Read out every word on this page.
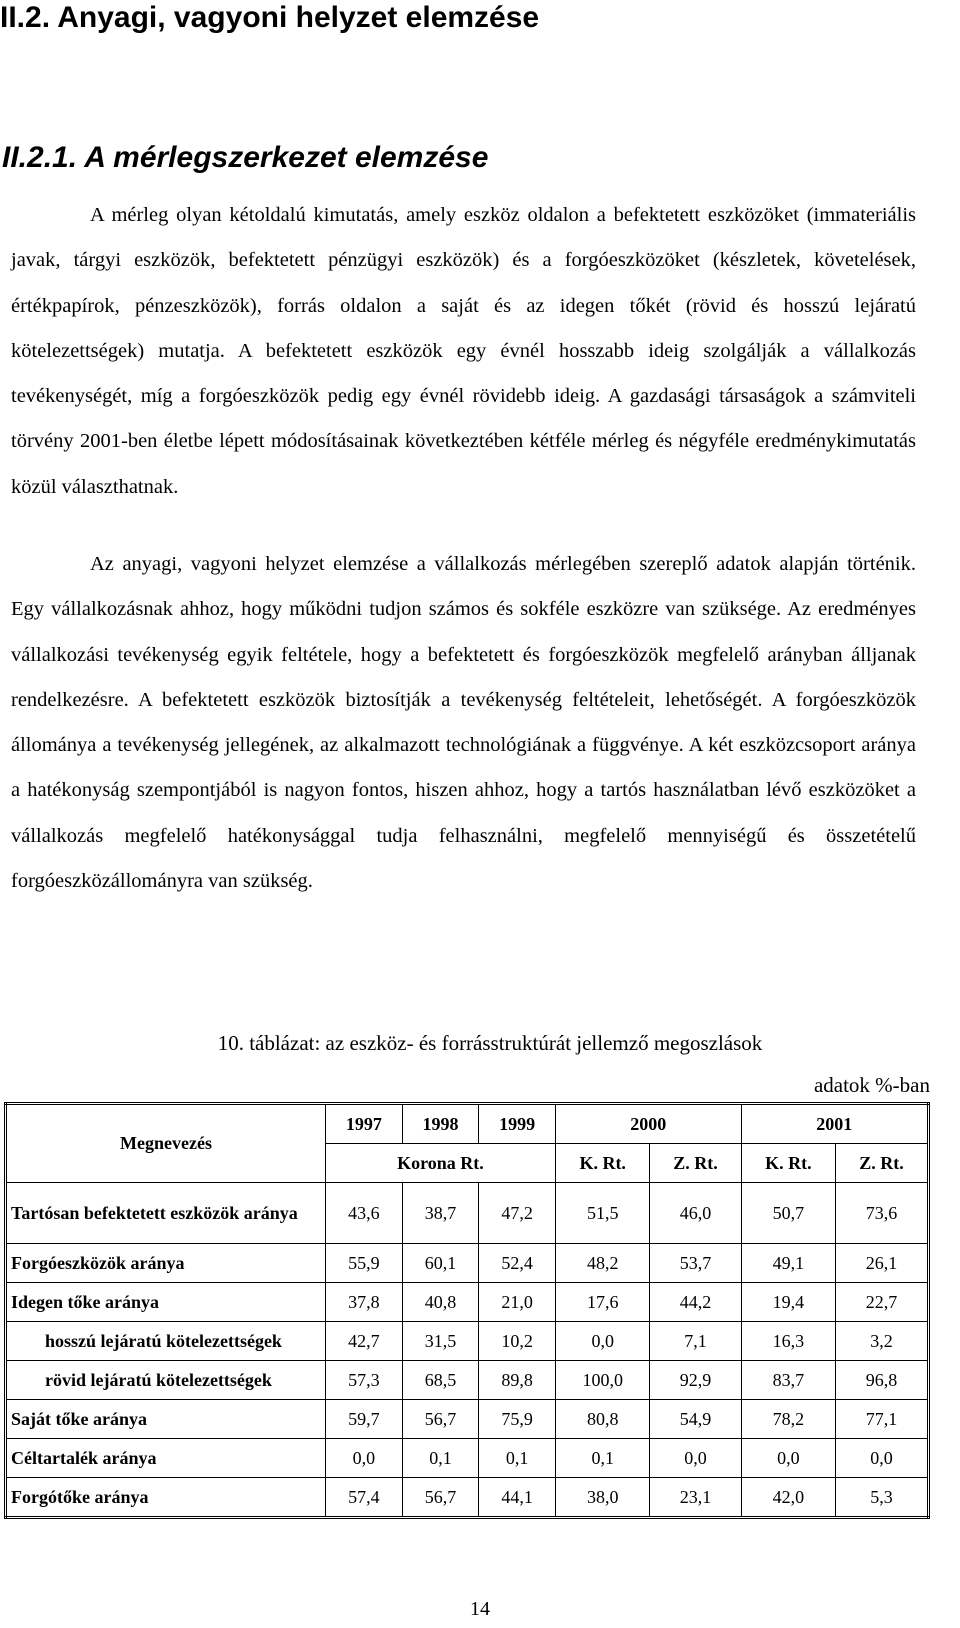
II.2. Anyagi, vagyoni helyzet elemzése
II.2.1. A mérlegszerkezet elemzése

A mérleg olyan kétoldalú kimutatás, amely eszköz oldalon a befektetett eszközöket (immateriális javak, tárgyi eszközök, befektetett pénzügyi eszközök) és a forgóeszközöket (készletek, követelések, értékpapírok, pénzeszközök), forrás oldalon a saját és az idegen tőkét (rövid és hosszú lejáratú kötelezettségek) mutatja. A befektetett eszközök egy évnél hosszabb ideig szolgálják a vállalkozás tevékenységét, míg a forgóeszközök pedig egy évnél rövidebb ideig. A gazdasági társaságok a számviteli törvény 2001-ben életbe lépett módosításainak következtében kétféle mérleg és négyféle eredménykimutatás közül választhatnak.

Az anyagi, vagyoni helyzet elemzése a vállalkozás mérlegében szereplő adatok alapján történik. Egy vállalkozásnak ahhoz, hogy működni tudjon számos és sokféle eszközre van szüksége. Az eredményes vállalkozási tevékenység egyik feltétele, hogy a befektetett és forgóeszközök megfelelő arányban álljanak rendelkezésre. A befektetett eszközök biztosítják a tevékenység feltételeit, lehetőségét. A forgóeszközök állománya a tevékenység jellegének, az alkalmazott technológiának a függvénye. A két eszközcsoport aránya a hatékonyság szempontjából is nagyon fontos, hiszen ahhoz, hogy a tartós használatban lévő eszközöket a vállalkozás megfelelő hatékonysággal tudja felhasználni, megfelelő mennyiségű és összetételű forgóeszközállományra van szükség.

10. táblázat: az eszköz- és forrásstruktúrát jellemző megoszlások

adatok %-ban

Megnevezés	1997	1998	1999	2000		2001	
	Korona Rt.			K. Rt.	Z. Rt.	K. Rt.	Z. Rt.
Tartósan befektetett eszközök aránya	43,6	38,7	47,2	51,5	46,0	50,7	73,6
Forgóeszközök aránya	55,9	60,1	52,4	48,2	53,7	49,1	26,1
Idegen tőke aránya	37,8	40,8	21,0	17,6	44,2	19,4	22,7
hosszú lejáratú kötelezettségek	42,7	31,5	10,2	0,0	7,1	16,3	3,2
rövid lejáratú kötelezettségek	57,3	68,5	89,8	100,0	92,9	83,7	96,8
Saját tőke aránya	59,7	56,7	75,9	80,8	54,9	78,2	77,1
Céltartalék aránya	0,0	0,1	0,1	0,1	0,0	0,0	0,0
Forgótőke aránya	57,4	56,7	44,1	38,0	23,1	42,0	5,3

14
